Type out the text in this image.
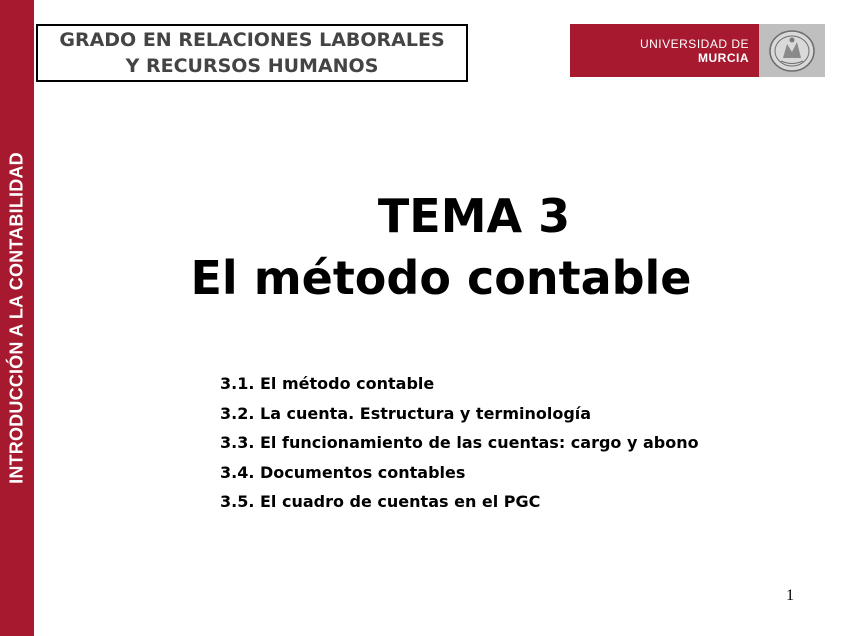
INTRODUCCIÓN A LA CONTABILIDAD
GRADO EN RELACIONES LABORALES
Y RECURSOS HUMANOS
UNIVERSIDAD DE
MURCIA
TEMA 3
El método contable
3.1. El método contable
3.2. La cuenta. Estructura y terminología
3.3. El funcionamiento de las cuentas: cargo y abono
3.4. Documentos contables
3.5. El cuadro de cuentas en el PGC
1
